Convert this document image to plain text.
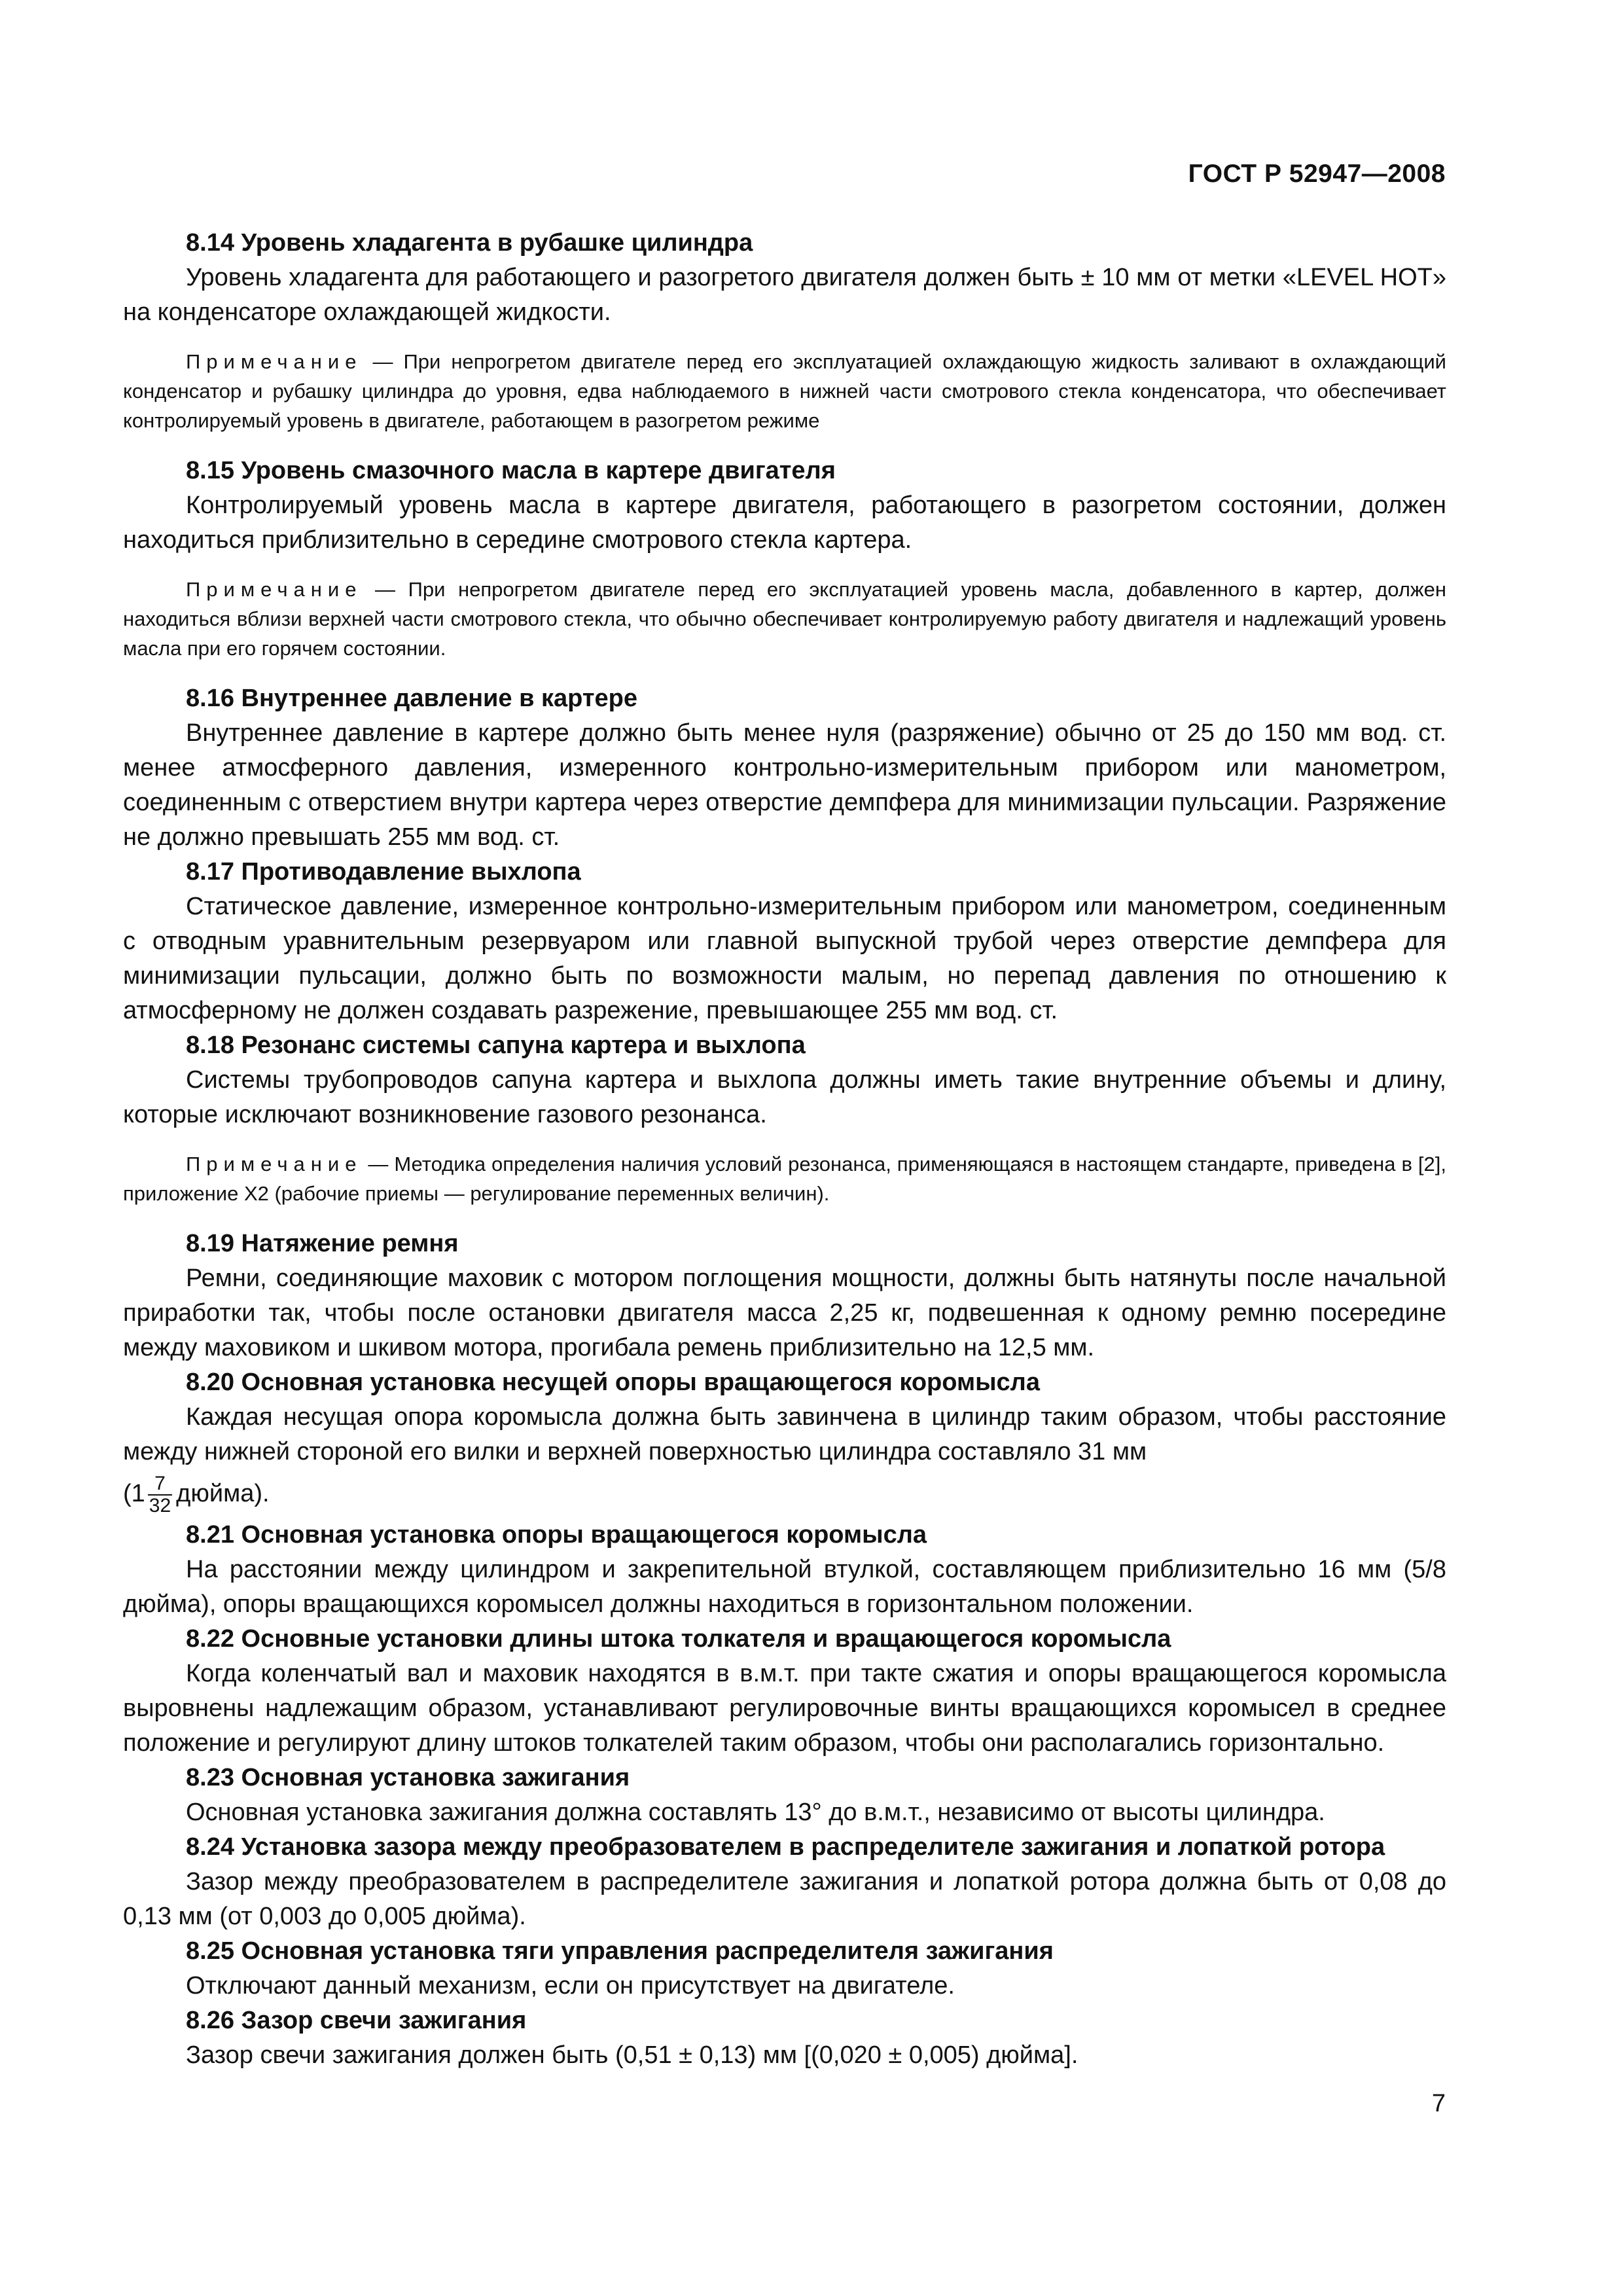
ГОСТ Р 52947—2008

8.14 Уровень хладагента в рубашке цилиндра

Уровень хладагента для работающего и разогретого двигателя должен быть ± 10 мм от метки «LEVEL HOT» на конденсаторе охлаждающей жидкости.

Примечание — При непрогретом двигателе перед его эксплуатацией охлаждающую жидкость заливают в охлаждающий конденсатор и рубашку цилиндра до уровня, едва наблюдаемого в нижней части смотрового стекла конденсатора, что обеспечивает контролируемый уровень в двигателе, работающем в разогретом режиме

8.15 Уровень смазочного масла в картере двигателя

Контролируемый уровень масла в картере двигателя, работающего в разогретом состоянии, должен находиться приблизительно в середине смотрового стекла картера.

Примечание — При непрогретом двигателе перед его эксплуатацией уровень масла, добавленного в картер, должен находиться вблизи верхней части смотрового стекла, что обычно обеспечивает контролируемую работу двигателя и надлежащий уровень масла при его горячем состоянии.

8.16 Внутреннее давление в картере

Внутреннее давление в картере должно быть менее нуля (разряжение) обычно от 25 до 150 мм вод. ст. менее атмосферного давления, измеренного контрольно-измерительным прибором или манометром, соединенным с отверстием внутри картера через отверстие демпфера для минимизации пульсации. Разряжение не должно превышать 255 мм вод. ст.

8.17 Противодавление выхлопа

Статическое давление, измеренное контрольно-измерительным прибором или манометром, соединенным с отводным уравнительным резервуаром или главной выпускной трубой через отверстие демпфера для минимизации пульсации, должно быть по возможности малым, но перепад давления по отношению к атмосферному не должен создавать разрежение, превышающее 255 мм вод. ст.

8.18 Резонанс системы сапуна картера и выхлопа

Системы трубопроводов сапуна картера и выхлопа должны иметь такие внутренние объемы и длину, которые исключают возникновение газового резонанса.

Примечание — Методика определения наличия условий резонанса, применяющаяся в настоящем стандарте, приведена в [2], приложение X2 (рабочие приемы — регулирование переменных величин).

8.19 Натяжение ремня

Ремни, соединяющие маховик с мотором поглощения мощности, должны быть натянуты после начальной приработки так, чтобы после остановки двигателя масса 2,25 кг, подвешенная к одному ремню посередине между маховиком и шкивом мотора, прогибала ремень приблизительно на 12,5 мм.

8.20 Основная установка несущей опоры вращающегося коромысла

Каждая несущая опора коромысла должна быть завинчена в цилиндр таким образом, чтобы расстояние между нижней стороной его вилки и верхней поверхностью цилиндра составляло 31 мм

($1 \frac{7}{32}$ дюйма).

8.21 Основная установка опоры вращающегося коромысла

На расстоянии между цилиндром и закрепительной втулкой, составляющем приблизительно 16 мм (5/8 дюйма), опоры вращающихся коромысел должны находиться в горизонтальном положении.

8.22 Основные установки длины штока толкателя и вращающегося коромысла

Когда коленчатый вал и маховик находятся в в.м.т. при такте сжатия и опоры вращающегося коромысла выровнены надлежащим образом, устанавливают регулировочные винты вращающихся коромысел в среднее положение и регулируют длину штоков толкателей таким образом, чтобы они располагались горизонтально.

8.23 Основная установка зажигания

Основная установка зажигания должна составлять 13° до в.м.т., независимо от высоты цилиндра.

8.24 Установка зазора между преобразователем в распределителе зажигания и лопаткой ротора

Зазор между преобразователем в распределителе зажигания и лопаткой ротора должна быть от 0,08 до 0,13 мм (от 0,003 до 0,005 дюйма).

8.25 Основная установка тяги управления распределителя зажигания

Отключают данный механизм, если он присутствует на двигателе.

8.26 Зазор свечи зажигания

Зазор свечи зажигания должен быть (0,51 ± 0,13) мм [(0,020 ± 0,005) дюйма].

7
